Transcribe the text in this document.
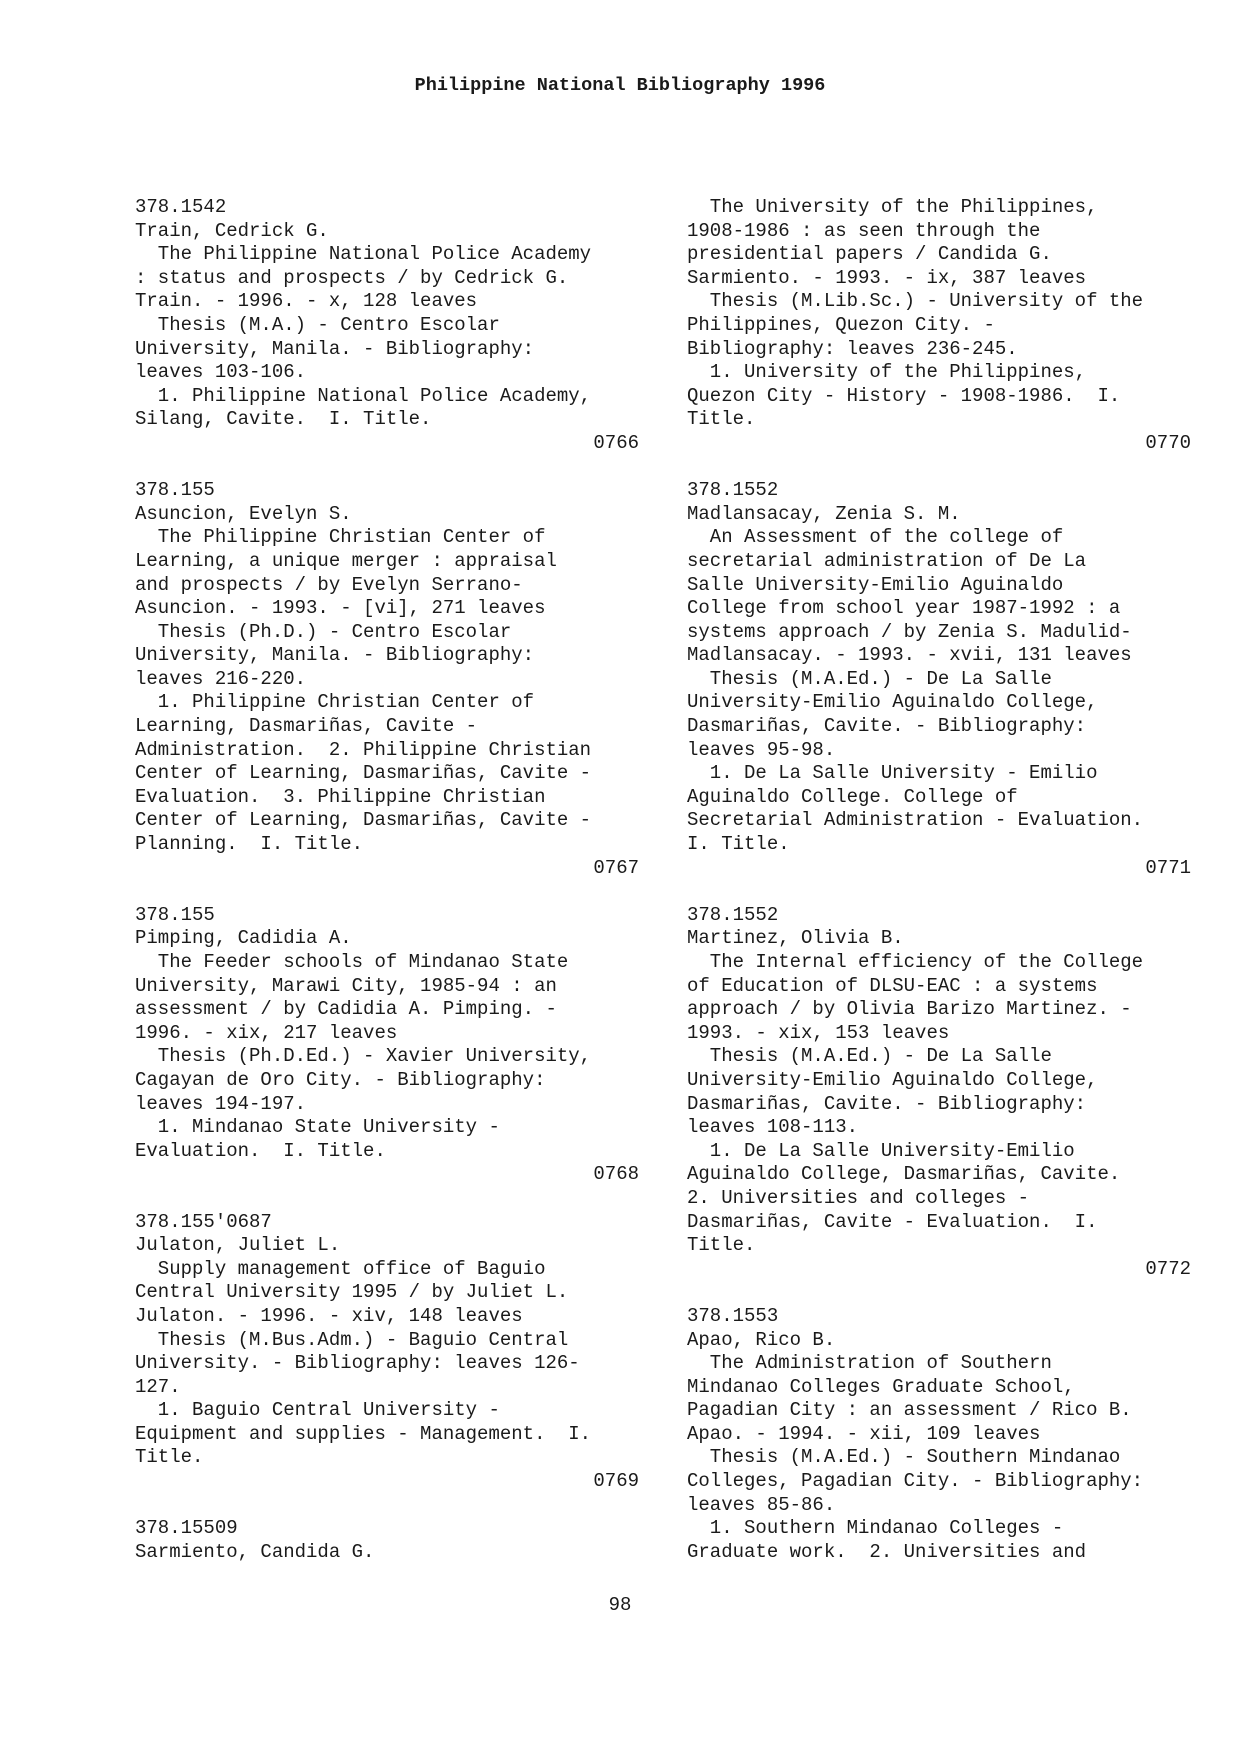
Philippine National Bibliography 1996
378.1542
Train, Cedrick G.
The Philippine National Police Academy
: status and prospects / by Cedrick G.
Train. - 1996. - x, 128 leaves
Thesis (M.A.) - Centro Escolar
University, Manila. - Bibliography:
leaves 103-106.
1. Philippine National Police Academy,
Silang, Cavite.  I. Title.
0766
378.155
Asuncion, Evelyn S.
The Philippine Christian Center of
Learning, a unique merger : appraisal
and prospects / by Evelyn Serrano-
Asuncion. - 1993. - [vi], 271 leaves
Thesis (Ph.D.) - Centro Escolar
University, Manila. - Bibliography:
leaves 216-220.
1. Philippine Christian Center of
Learning, Dasmariñas, Cavite -
Administration.  2. Philippine Christian
Center of Learning, Dasmariñas, Cavite -
Evaluation.  3. Philippine Christian
Center of Learning, Dasmariñas, Cavite -
Planning.  I. Title.
0767
378.155
Pimping, Cadidia A.
The Feeder schools of Mindanao State
University, Marawi City, 1985-94 : an
assessment / by Cadidia A. Pimping. -
1996. - xix, 217 leaves
Thesis (Ph.D.Ed.) - Xavier University,
Cagayan de Oro City. - Bibliography:
leaves 194-197.
1. Mindanao State University -
Evaluation.  I. Title.
0768
378.155'0687
Julaton, Juliet L.
Supply management office of Baguio
Central University 1995 / by Juliet L.
Julaton. - 1996. - xiv, 148 leaves
Thesis (M.Bus.Adm.) - Baguio Central
University. - Bibliography: leaves 126-
127.
1. Baguio Central University -
Equipment and supplies - Management.  I.
Title.
0769
378.15509
Sarmiento, Candida G.
The University of the Philippines,
1908-1986 : as seen through the
presidential papers / Candida G.
Sarmiento. - 1993. - ix, 387 leaves
Thesis (M.Lib.Sc.) - University of the
Philippines, Quezon City. -
Bibliography: leaves 236-245.
1. University of the Philippines,
Quezon City - History - 1908-1986.  I.
Title.
0770
378.1552
Madlansacay, Zenia S. M.
An Assessment of the college of
secretarial administration of De La
Salle University-Emilio Aguinaldo
College from school year 1987-1992 : a
systems approach / by Zenia S. Madulid-
Madlansacay. - 1993. - xvii, 131 leaves
Thesis (M.A.Ed.) - De La Salle
University-Emilio Aguinaldo College,
Dasmariñas, Cavite. - Bibliography:
leaves 95-98.
1. De La Salle University - Emilio
Aguinaldo College. College of
Secretarial Administration - Evaluation.
I. Title.
0771
378.1552
Martinez, Olivia B.
The Internal efficiency of the College
of Education of DLSU-EAC : a systems
approach / by Olivia Barizo Martinez. -
1993. - xix, 153 leaves
Thesis (M.A.Ed.) - De La Salle
University-Emilio Aguinaldo College,
Dasmariñas, Cavite. - Bibliography:
leaves 108-113.
1. De La Salle University-Emilio
Aguinaldo College, Dasmariñas, Cavite.
2. Universities and colleges -
Dasmariñas, Cavite - Evaluation.  I.
Title.
0772
378.1553
Apao, Rico B.
The Administration of Southern
Mindanao Colleges Graduate School,
Pagadian City : an assessment / Rico B.
Apao. - 1994. - xii, 109 leaves
Thesis (M.A.Ed.) - Southern Mindanao
Colleges, Pagadian City. - Bibliography:
leaves 85-86.
1. Southern Mindanao Colleges -
Graduate work.  2. Universities and
98
